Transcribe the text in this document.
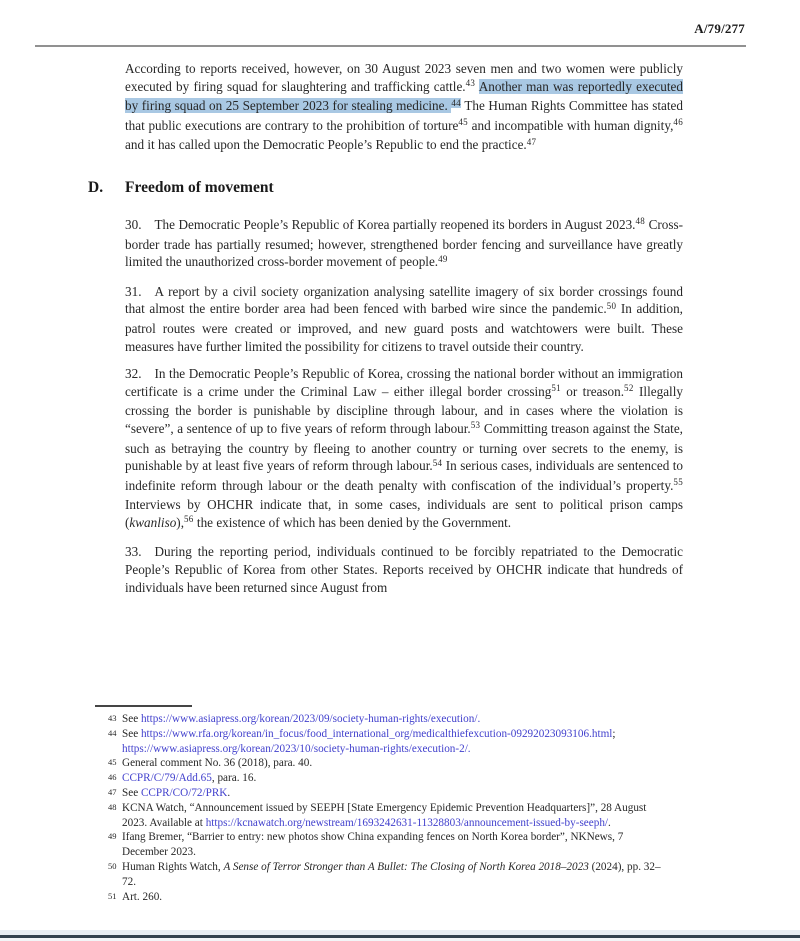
A/79/277

According to reports received, however, on 30 August 2023 seven men and two women were publicly executed by firing squad for slaughtering and trafficking cattle.$^{43}$ Another man was reportedly executed by firing squad on 25 September 2023 for stealing medicine. $^{44}$ The Human Rights Committee has stated that public executions are contrary to the prohibition of torture$^{45}$ and incompatible with human dignity,$^{46}$ and it has called upon the Democratic People’s Republic to end the practice.$^{47}$

D. Freedom of movement

30. The Democratic People’s Republic of Korea partially reopened its borders in August 2023.48 Cross-border trade has partially resumed; however, strengthened border fencing and surveillance have greatly limited the unauthorized cross-border movement of people.$^{49}$

31. A report by a civil society organization analysing satellite imagery of six border crossings found that almost the entire border area had been fenced with barbed wire since the pandemic.$^{50}$ In addition, patrol routes were created or improved, and new guard posts and watchtowers were built. These measures have further limited the possibility for citizens to travel outside their country.

32. In the Democratic People’s Republic of Korea, crossing the national border without an immigration certificate is a crime under the Criminal Law – either illegal border crossing$^{51}$ or treason.$^{52}$ Illegally crossing the border is punishable by discipline through labour, and in cases where the violation is “severe”, a sentence of up to five years of reform through labour.$^{53}$ Committing treason against the State, such as betraying the country by fleeing to another country or turning over secrets to the enemy, is punishable by at least five years of reform through labour.$^{54}$ In serious cases, individuals are sentenced to indefinite reform through labour or the death penalty with confiscation of the individual’s property.$^{55}$ Interviews by OHCHR indicate that, in some cases, individuals are sent to political prison camps (kwanliso),$^{56}$ the existence of which has been denied by the Government.

33. During the reporting period, individuals continued to be forcibly repatriated to the Democratic People’s Republic of Korea from other States. Reports received by OHCHR indicate that hundreds of individuals have been returned since August from

43 See https://www.asiapress.org/korean/2023/09/society-human-rights/execution/.
44 See https://www.rfa.org/korean/in_focus/food_international_org/medicalthiefexcution-09292023093106.html; https://www.asiapress.org/korean/2023/10/society-human-rights/execution-2/.
45 General comment No. 36 (2018), para. 40.
46 CCPR/C/79/Add.65, para. 16.
47 See CCPR/CO/72/PRK.
48 KCNA Watch, “Announcement issued by SEEPH [State Emergency Epidemic Prevention Headquarters]”, 28 August 2023. Available at https://kcnawatch.org/newstream/1693242631-11328803/announcement-issued-by-seeph/.
49 Ifang Bremer, “Barrier to entry: new photos show China expanding fences on North Korea border”, NKNews, 7 December 2023.
50 Human Rights Watch, A Sense of Terror Stronger than A Bullet: The Closing of North Korea 2018–2023 (2024), pp. 32–72.
51 Art. 260.
